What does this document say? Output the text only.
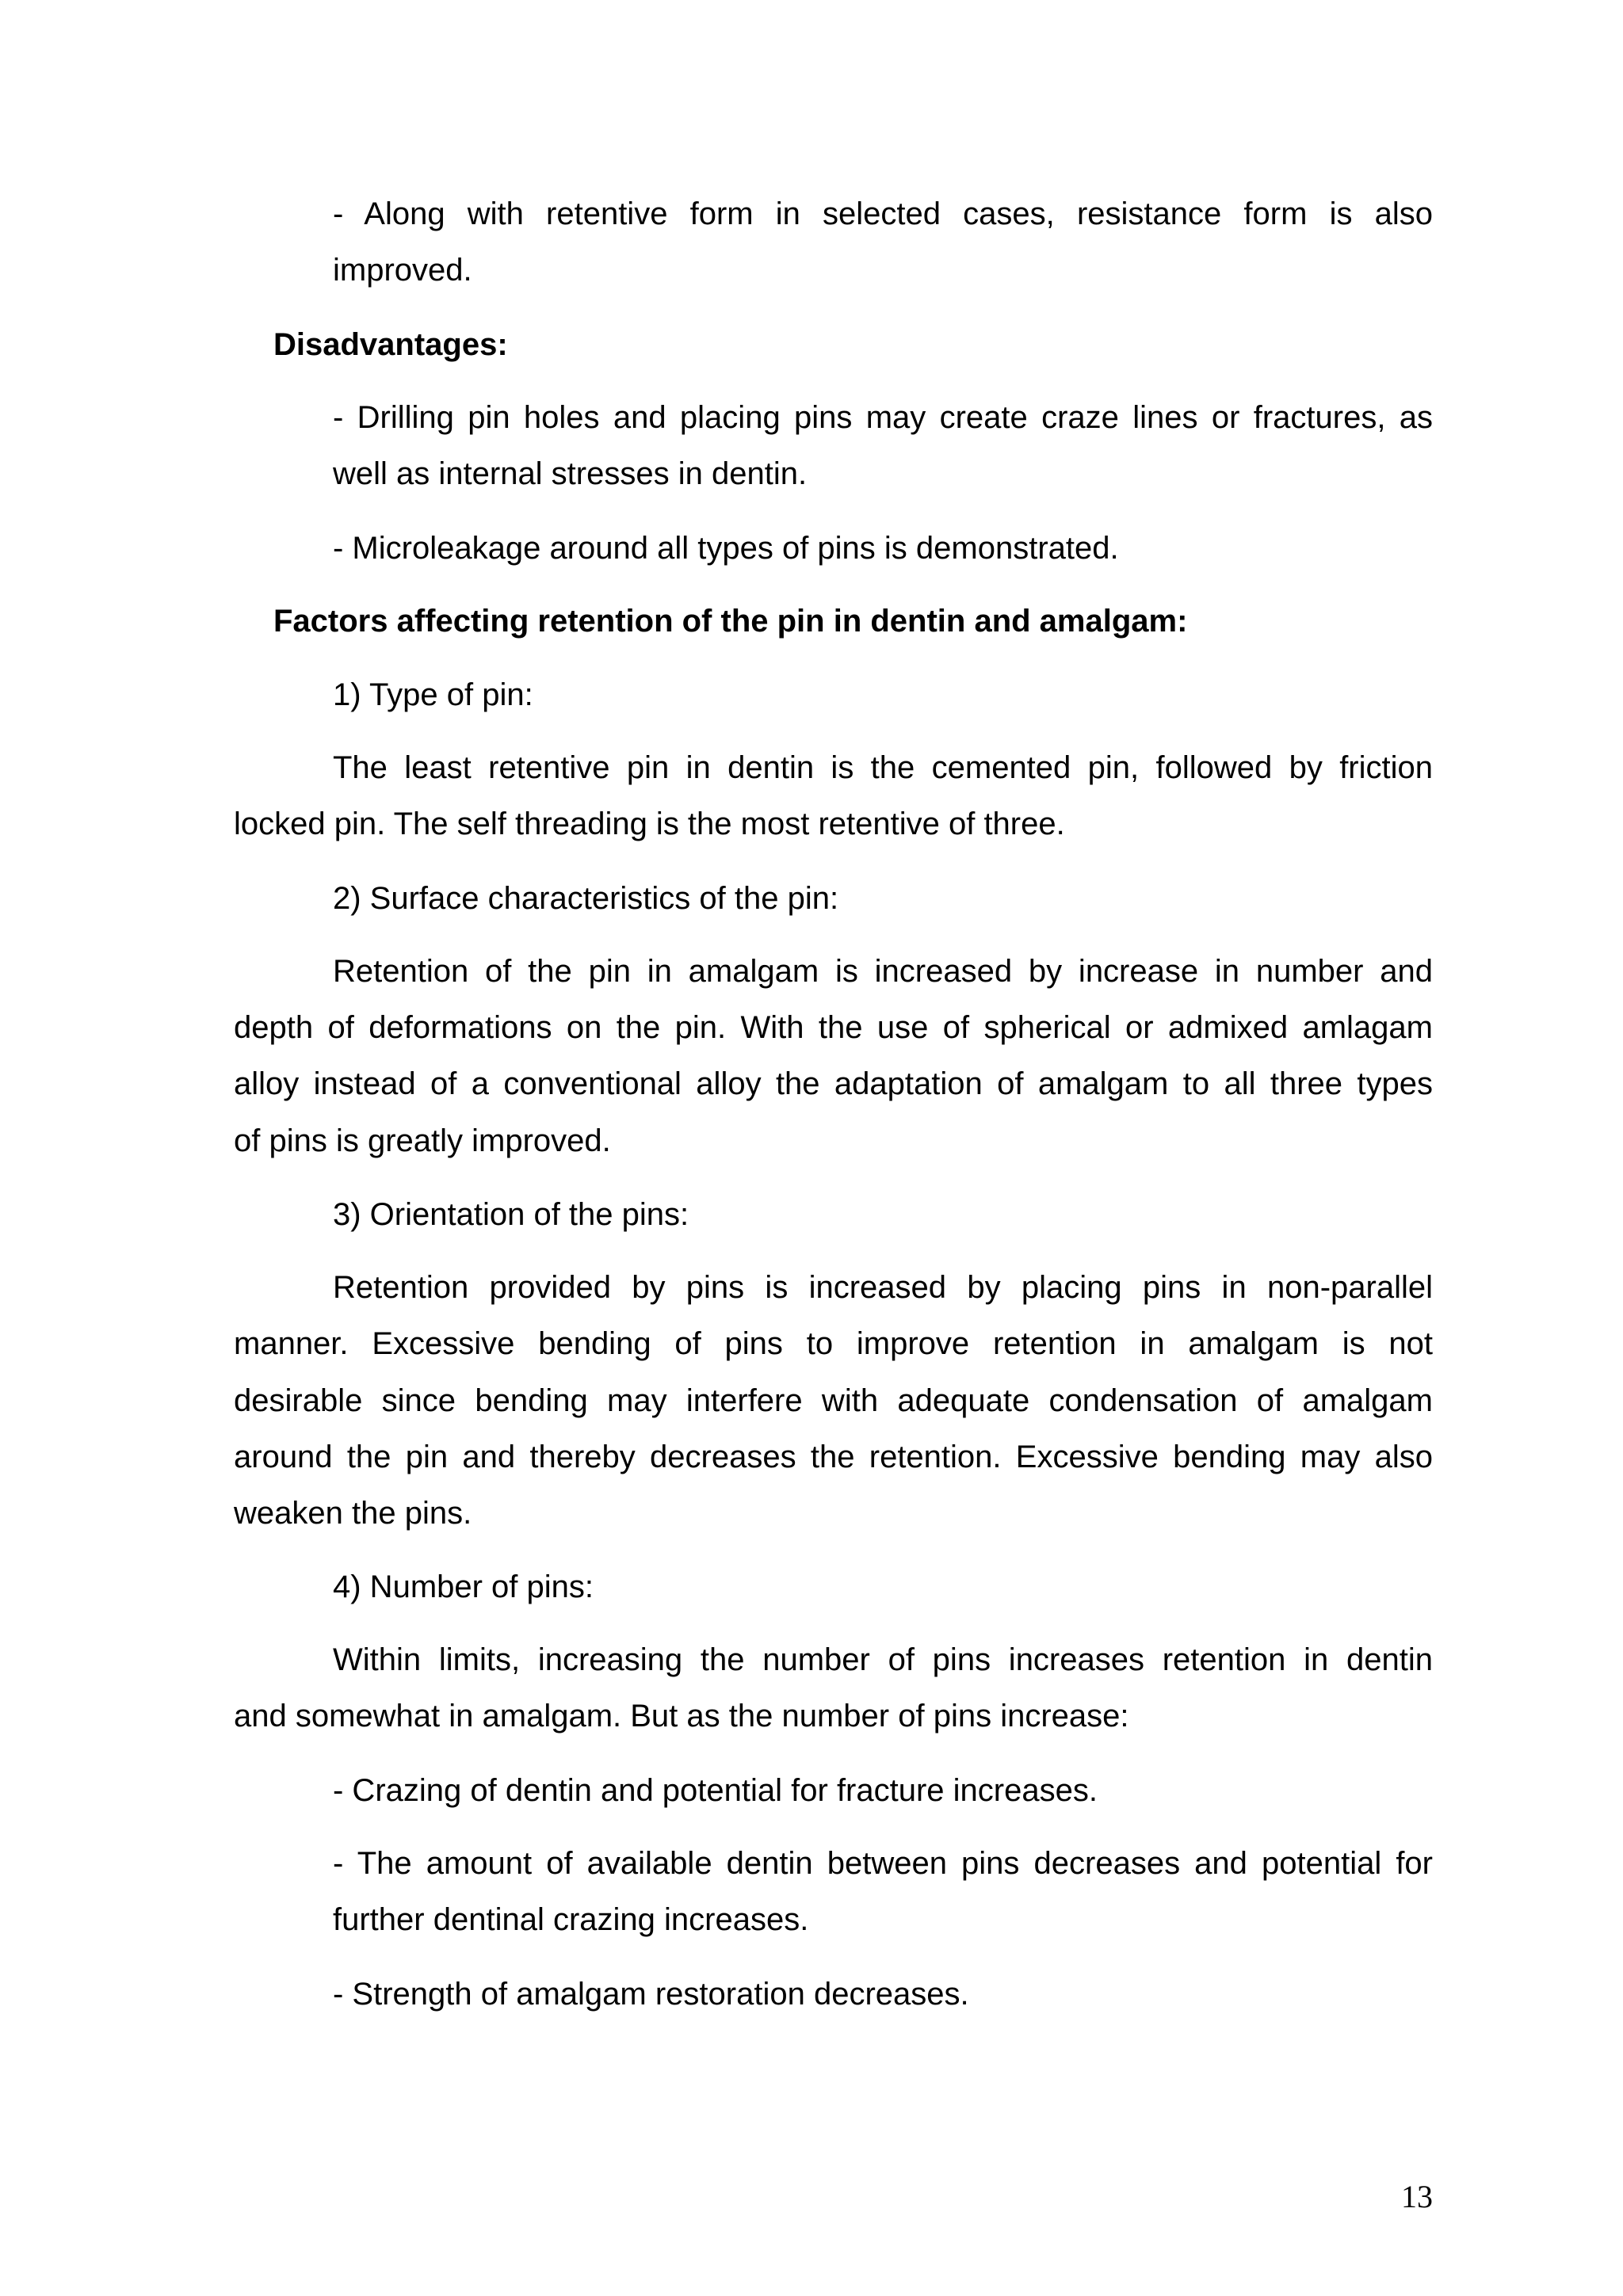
- Along with retentive form in selected cases, resistance form is also

improved.

Disadvantages:

- Drilling pin holes and placing pins may create craze lines or fractures, as

well as internal stresses in dentin.

- Microleakage around all types of pins is demonstrated.

Factors affecting retention of the pin in dentin and amalgam:

1) Type of pin:

The least retentive pin in dentin is the cemented pin, followed by friction

locked pin. The self threading is the most retentive of three.

2) Surface characteristics of the pin:

Retention of the pin in amalgam is increased by increase in number and

depth of deformations on the pin. With the use of spherical or admixed amlagam

alloy instead of a conventional alloy the adaptation of amalgam to all three types

of pins is greatly improved.

3) Orientation of the pins:

Retention provided by pins is increased by placing pins in non-parallel

manner. Excessive bending of pins to improve retention in amalgam is not

desirable since bending may interfere with adequate condensation of amalgam

around the pin and thereby decreases the retention. Excessive bending may also

weaken the pins.

4) Number of pins:

Within limits, increasing the number of pins increases retention in dentin

and somewhat in amalgam. But as the number of pins increase:

- Crazing of dentin and potential for fracture increases.

- The amount of available dentin between pins decreases and potential for

further dentinal crazing increases.

- Strength of amalgam restoration decreases.

13
